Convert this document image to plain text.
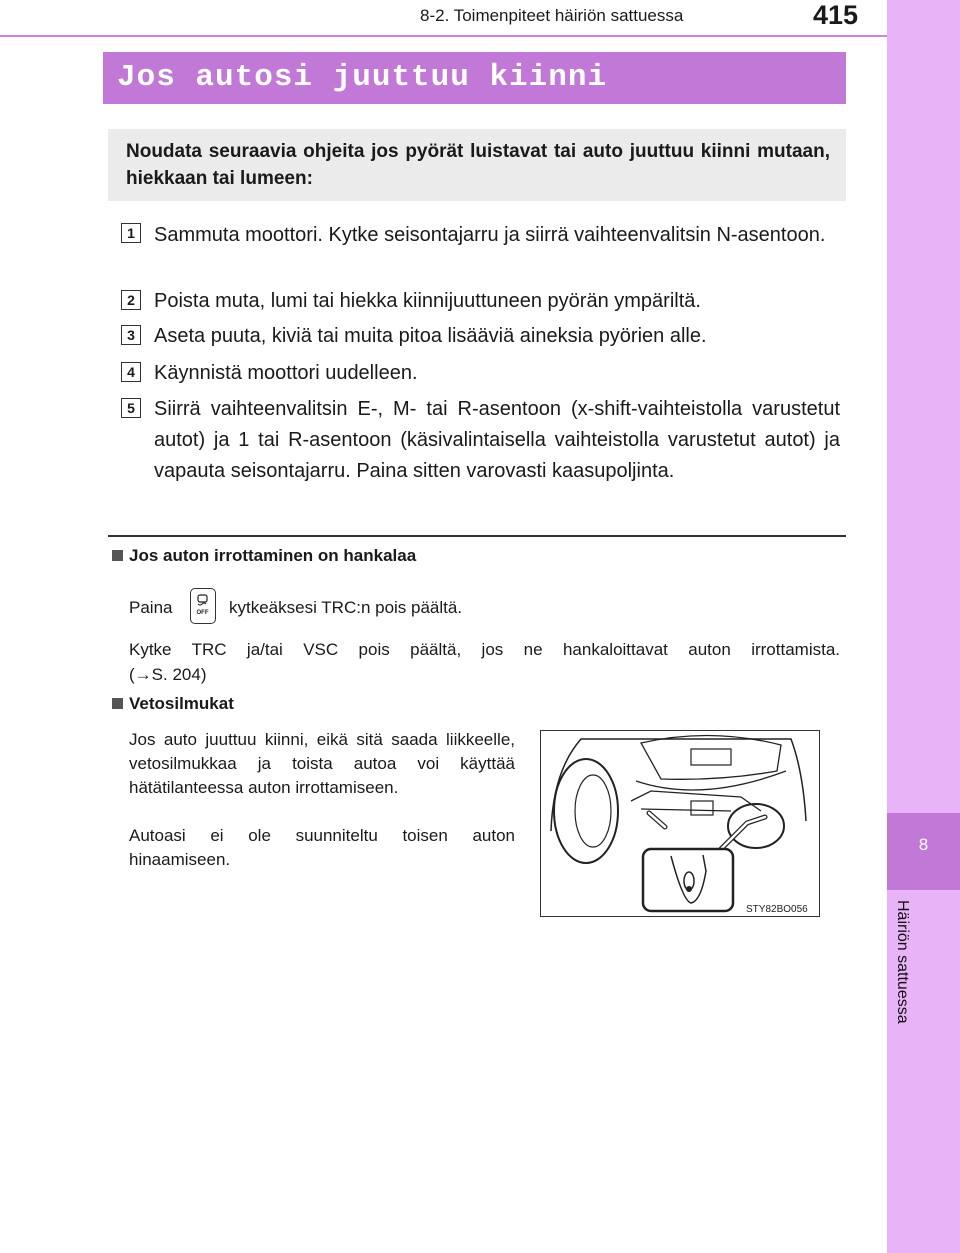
8-2. Toimenpiteet häiriön sattuessa	415
8
Häiriön sattuessa
Jos autosi juuttuu kiinni

Noudata seuraavia ohjeita jos pyörät luistavat tai auto juuttuu kiinni mutaan, hiekkaan tai lumeen:

1 Sammuta moottori. Kytke seisontajarru ja siirrä vaihteenvalitsin N-asentoon.

2 Poista muta, lumi tai hiekka kiinnijuuttuneen pyörän ympäriltä.

3 Aseta puuta, kiviä tai muita pitoa lisääviä aineksia pyörien alle.

4 Käynnistä moottori uudelleen.

5 Siirrä vaihteenvalitsin E-, M- tai R-asentoon (x-shift-vaihteistolla varustetut autot) ja 1 tai R-asentoon (käsivalintaisella vaihteistolla varustetut autot) ja vapauta seisontajarru. Paina sitten varovasti kaasupoljinta.

Jos auton irrottaminen on hankalaa
Paina	OFF kytkeäksesi TRC:n pois päältä.

Kytke TRC ja/tai VSC pois päältä, jos ne hankaloittavat auton irrottamista.

(→S. 204)
Vetosilmukat

Jos auto juuttuu kiinni, eikä sitä saada liikkeelle, vetosilmukkaa ja toista autoa voi käyttää hätätilanteessa auton irrottamiseen.

Autoasi ei ole suunniteltu toisen auton hinaamiseen.

STY82BO056
